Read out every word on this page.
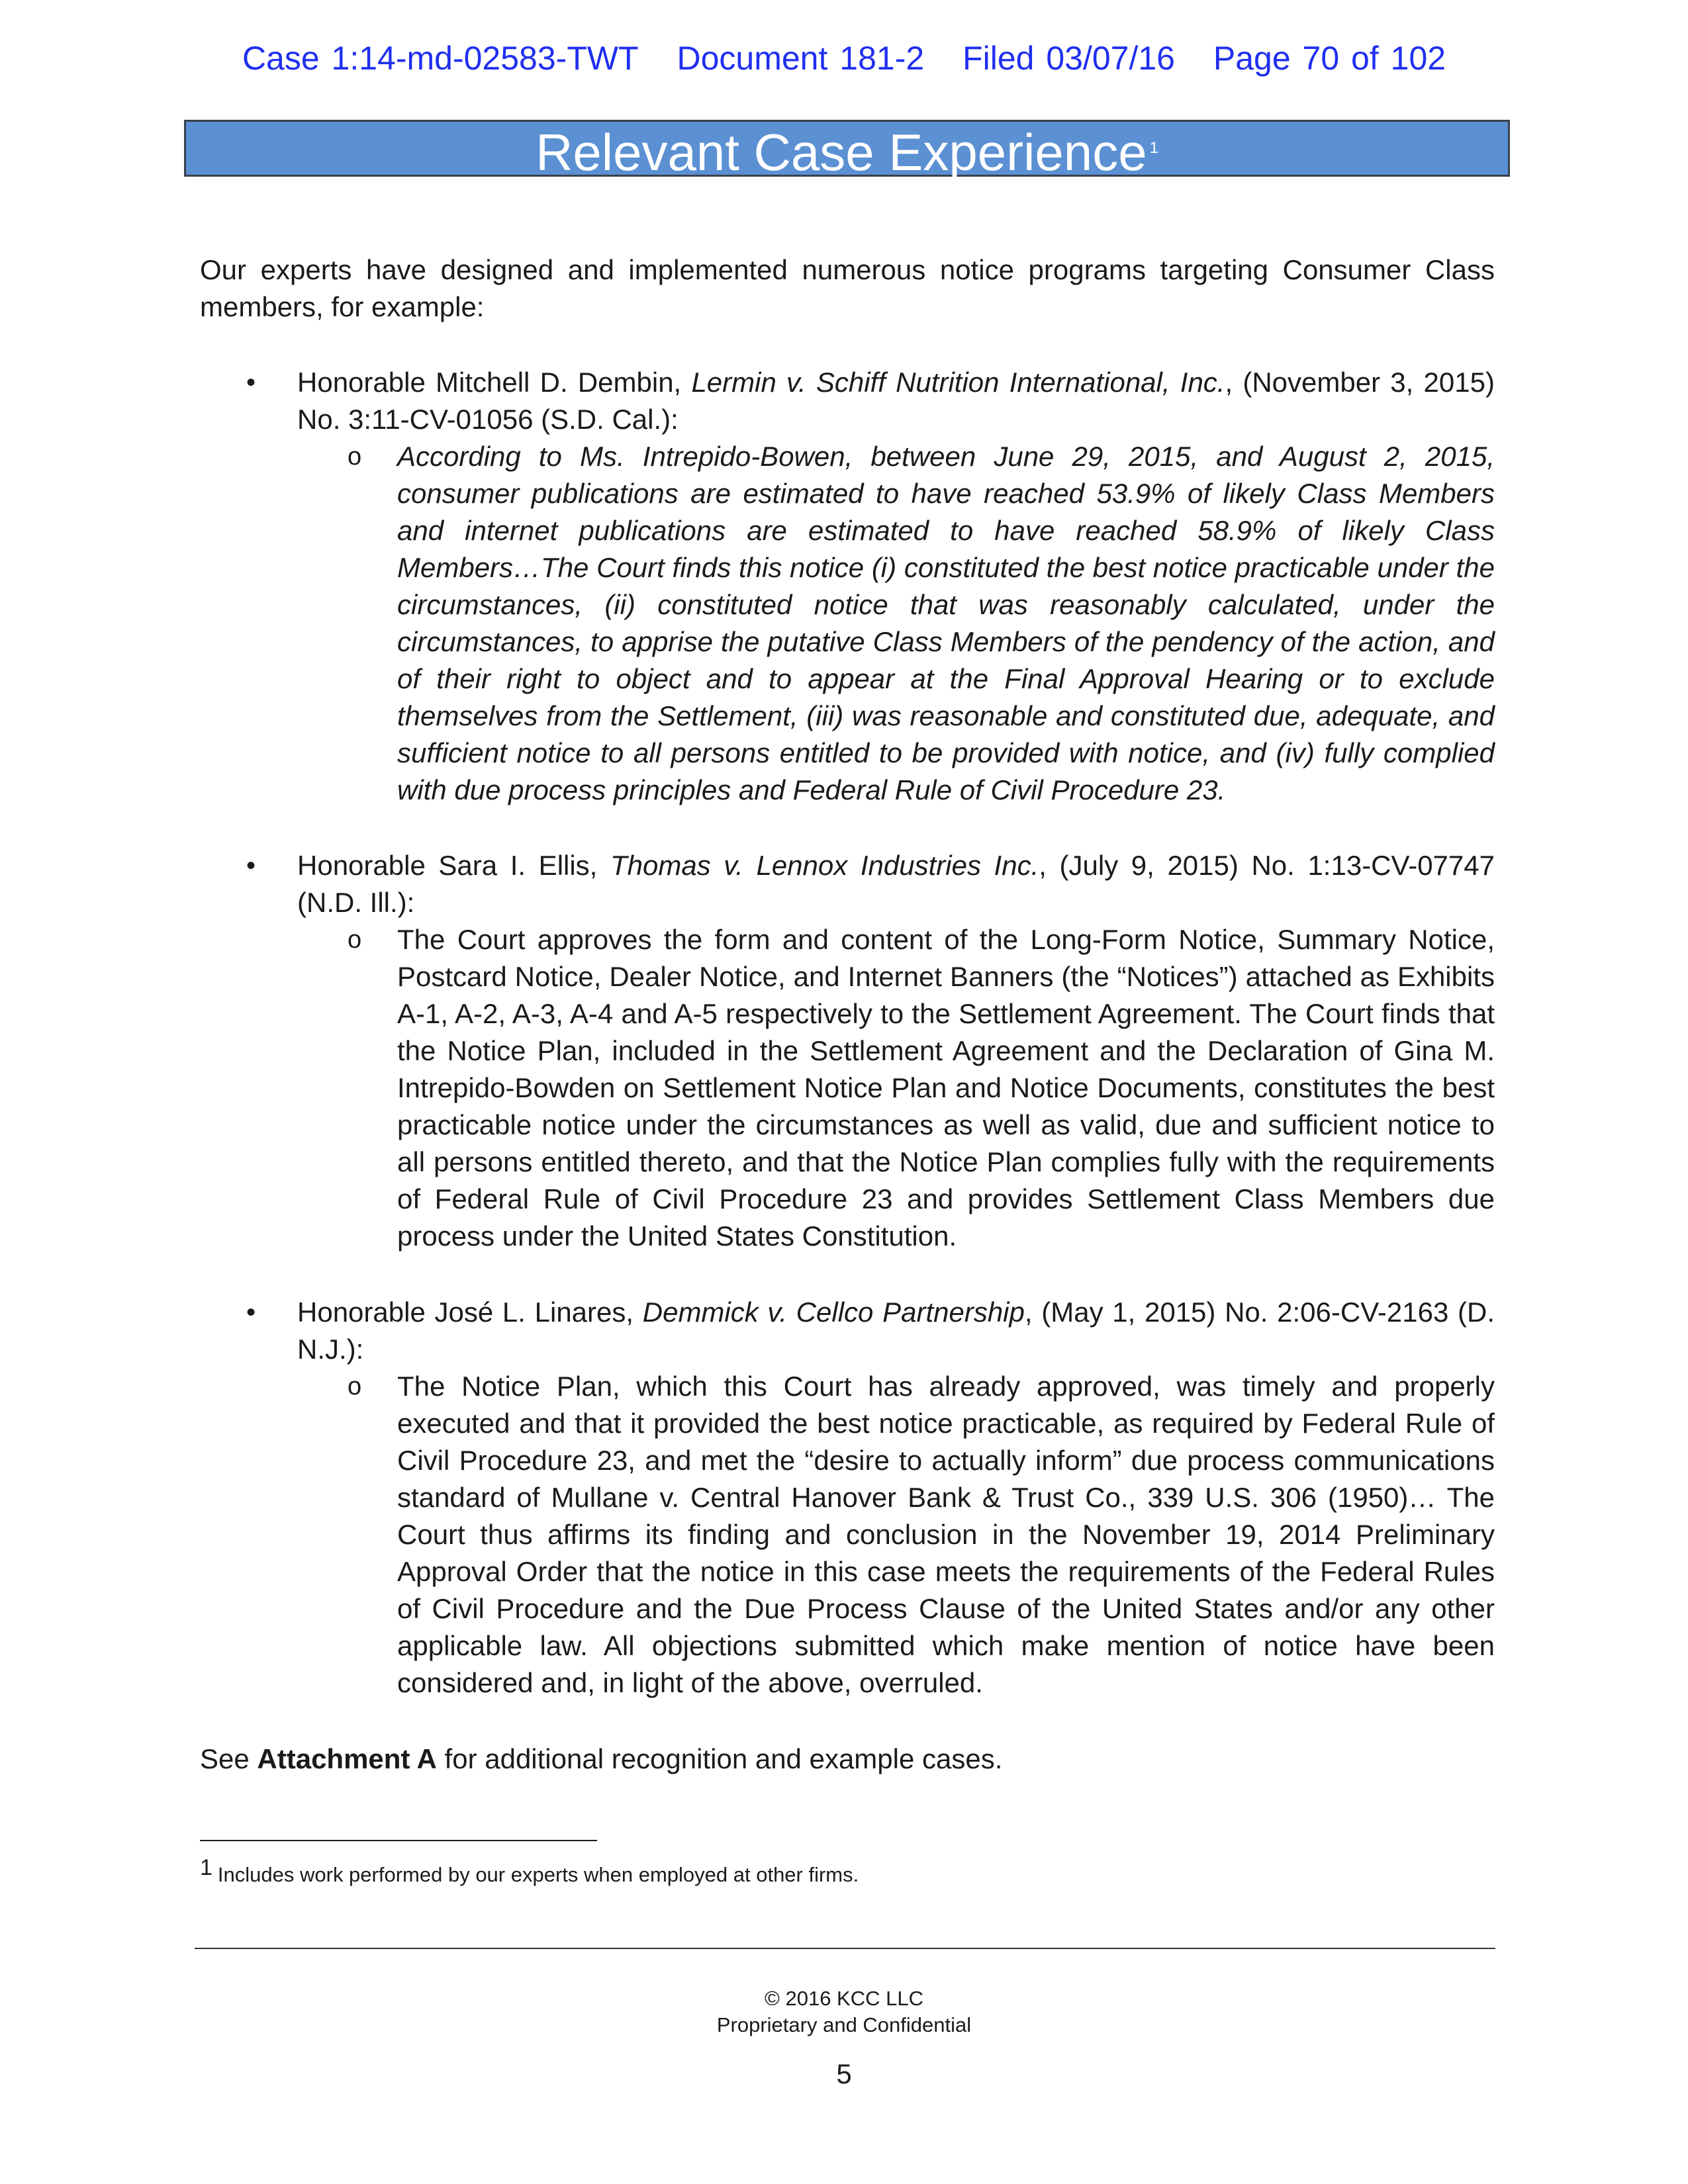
Case 1:14-md-02583-TWT Document 181-2 Filed 03/07/16 Page 70 of 102
Relevant Case Experience $^1$
Our experts have designed and implemented numerous notice programs targeting Consumer Class members, for example:
• Honorable Mitchell D. Dembin, Lermin v. Schiff Nutrition International, Inc., (November 3, 2015) No. 3:11-CV-01056 (S.D. Cal.):
o According to Ms. Intrepido-Bowen, between June 29, 2015, and August 2, 2015, consumer publications are estimated to have reached 53.9% of likely Class Members and internet publications are estimated to have reached 58.9% of likely Class Members…The Court finds this notice (i) constituted the best notice practicable under the circumstances, (ii) constituted notice that was reasonably calculated, under the circumstances, to apprise the putative Class Members of the pendency of the action, and of their right to object and to appear at the Final Approval Hearing or to exclude themselves from the Settlement, (iii) was reasonable and constituted due, adequate, and sufficient notice to all persons entitled to be provided with notice, and (iv) fully complied with due process principles and Federal Rule of Civil Procedure 23.
• Honorable Sara I. Ellis, Thomas v. Lennox Industries Inc., (July 9, 2015) No. 1:13-CV-07747 (N.D. Ill.):
o The Court approves the form and content of the Long-Form Notice, Summary Notice, Postcard Notice, Dealer Notice, and Internet Banners (the “Notices”) attached as Exhibits A-1, A-2, A-3, A-4 and A-5 respectively to the Settlement Agreement. The Court finds that the Notice Plan, included in the Settlement Agreement and the Declaration of Gina M. Intrepido-Bowden on Settlement Notice Plan and Notice Documents, constitutes the best practicable notice under the circumstances as well as valid, due and sufficient notice to all persons entitled thereto, and that the Notice Plan complies fully with the requirements of Federal Rule of Civil Procedure 23 and provides Settlement Class Members due process under the United States Constitution.
• Honorable José L. Linares, Demmick v. Cellco Partnership, (May 1, 2015) No. 2:06-CV-2163 (D. N.J.):
o The Notice Plan, which this Court has already approved, was timely and properly executed and that it provided the best notice practicable, as required by Federal Rule of Civil Procedure 23, and met the “desire to actually inform” due process communications standard of Mullane v. Central Hanover Bank & Trust Co., 339 U.S. 306 (1950)… The Court thus affirms its finding and conclusion in the November 19, 2014 Preliminary Approval Order that the notice in this case meets the requirements of the Federal Rules of Civil Procedure and the Due Process Clause of the United States and/or any other applicable law. All objections submitted which make mention of notice have been considered and, in light of the above, overruled.
See Attachment A for additional recognition and example cases.
$^1$ Includes work performed by our experts when employed at other firms.
© 2016 KCC LLC
Proprietary and Confidential
5
